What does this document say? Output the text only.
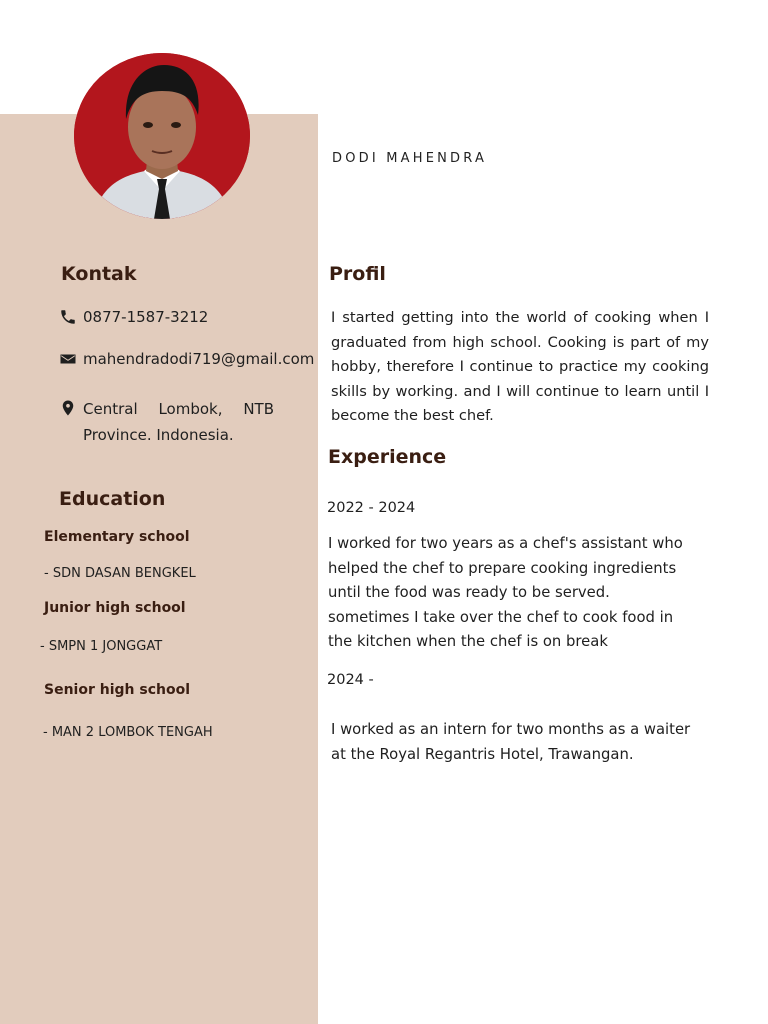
DODI MAHENDRA
Kontak
0877-1587-3212
mahendradodi719@gmail.com
Central Lombok, NTB Province. Indonesia.
Education
Elementary school
- SDN DASAN BENGKEL
Junior high school
- SMPN 1 JONGGAT
Senior high school
- MAN 2 LOMBOK TENGAH
Profil
I started getting into the world of cooking when I graduated from high school. Cooking is part of my hobby, therefore I continue to practice my cooking skills by working. and I will continue to learn until I become the best chef.
Experience
2022 - 2024
I worked for two years as a chef's assistant who
helped the chef to prepare cooking ingredients
until the food was ready to be served.
sometimes I take over the chef to cook food in
the kitchen when the chef is on break
2024 -
I worked as an intern for two months as a waiter
at the Royal Regantris Hotel, Trawangan.
